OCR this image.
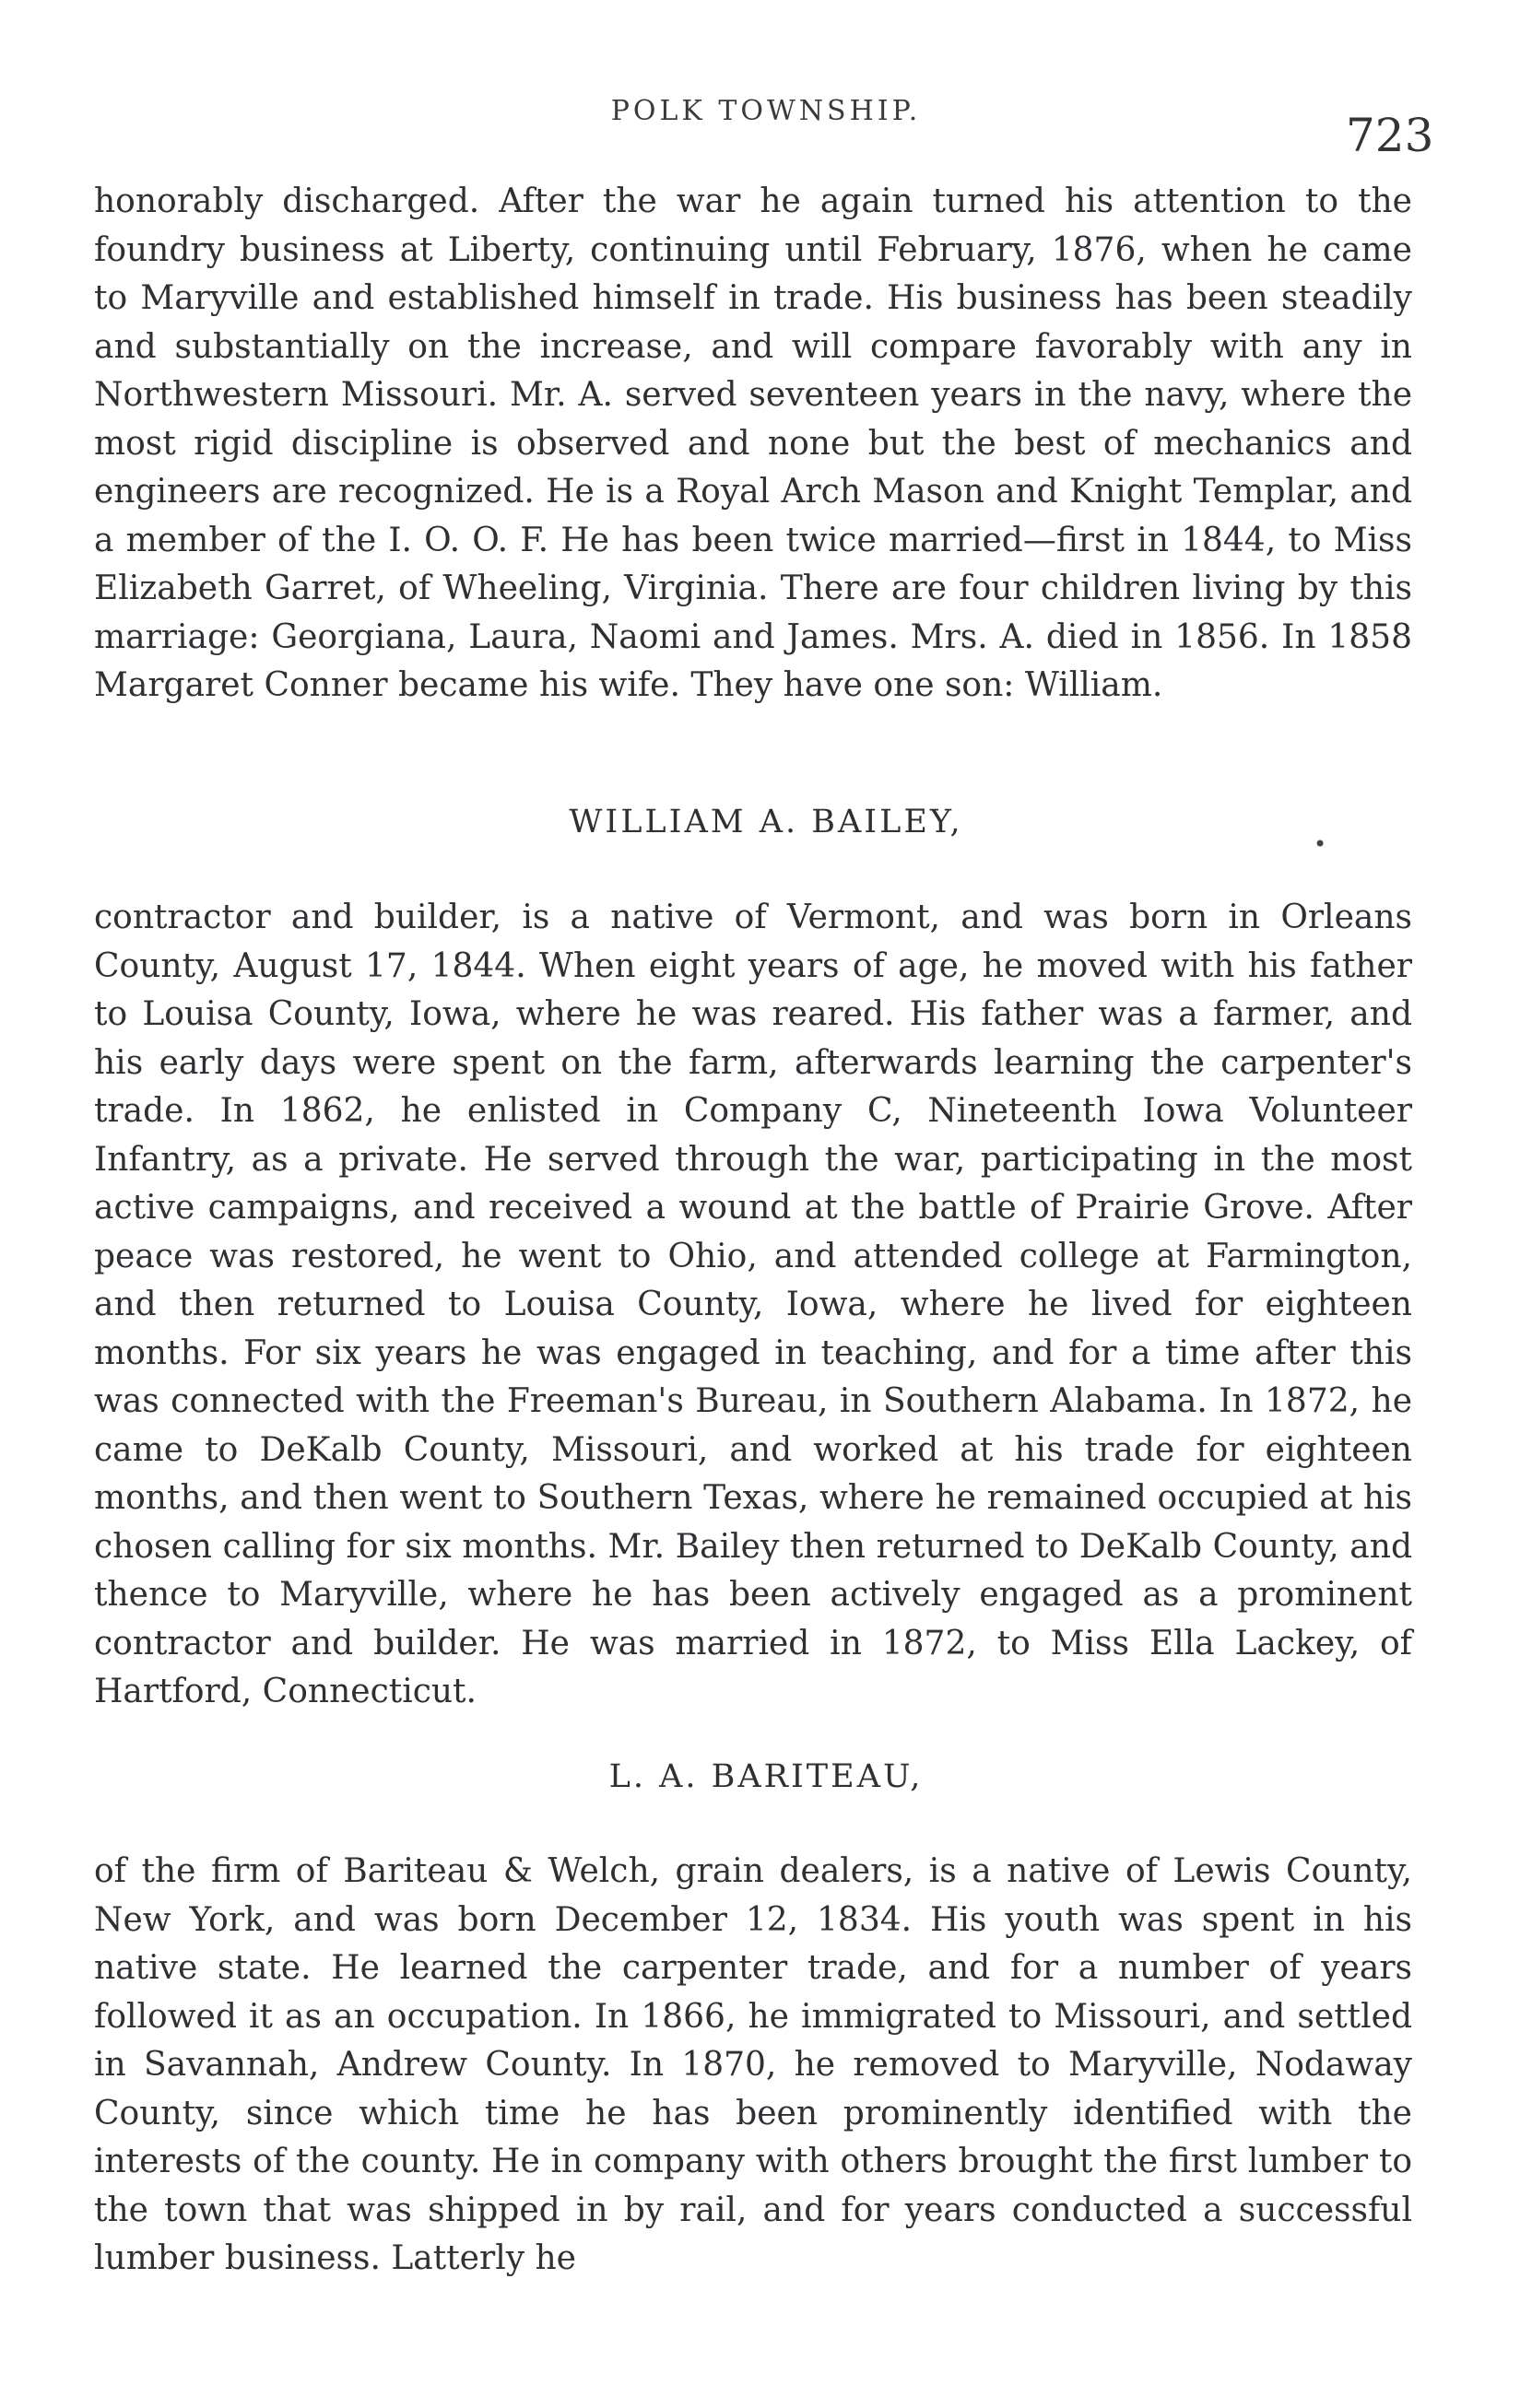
POLK TOWNSHIP.	723

honorably discharged. After the war he again turned his attention to the foundry business at Liberty, continuing until February, 1876, when he came to Maryville and established himself in trade. His business has been steadily and substantially on the increase, and will compare favorably with any in Northwestern Missouri. Mr. A. served seventeen years in the navy, where the most rigid discipline is observed and none but the best of mechanics and engineers are recognized. He is a Royal Arch Mason and Knight Templar, and a member of the I. O. O. F. He has been twice married—first in 1844, to Miss Elizabeth Garret, of Wheeling, Virginia. There are four children living by this marriage: Georgiana, Laura, Naomi and James. Mrs. A. died in 1856. In 1858 Margaret Conner became his wife. They have one son: William.

WILLIAM A. BAILEY,
•

contractor and builder, is a native of Vermont, and was born in Orleans County, August 17, 1844. When eight years of age, he moved with his father to Louisa County, Iowa, where he was reared. His father was a farmer, and his early days were spent on the farm, afterwards learning the carpenter's trade. In 1862, he enlisted in Company C, Nineteenth Iowa Volunteer Infantry, as a private. He served through the war, participating in the most active campaigns, and received a wound at the battle of Prairie Grove. After peace was restored, he went to Ohio, and attended college at Farmington, and then returned to Louisa County, Iowa, where he lived for eighteen months. For six years he was engaged in teaching, and for a time after this was connected with the Freeman's Bureau, in Southern Alabama. In 1872, he came to DeKalb County, Missouri, and worked at his trade for eighteen months, and then went to Southern Texas, where he remained occupied at his chosen calling for six months. Mr. Bailey then returned to DeKalb County, and thence to Maryville, where he has been actively engaged as a prominent contractor and builder. He was married in 1872, to Miss Ella Lackey, of Hartford, Connecticut.

L. A. BARITEAU,

of the firm of Bariteau & Welch, grain dealers, is a native of Lewis County, New York, and was born December 12, 1834. His youth was spent in his native state. He learned the carpenter trade, and for a number of years followed it as an occupation. In 1866, he immigrated to Missouri, and settled in Savannah, Andrew County. In 1870, he removed to Maryville, Nodaway County, since which time he has been prominently identified with the interests of the county. He in company with others brought the first lumber to the town that was shipped in by rail, and for years conducted a successful lumber business. Latterly he
